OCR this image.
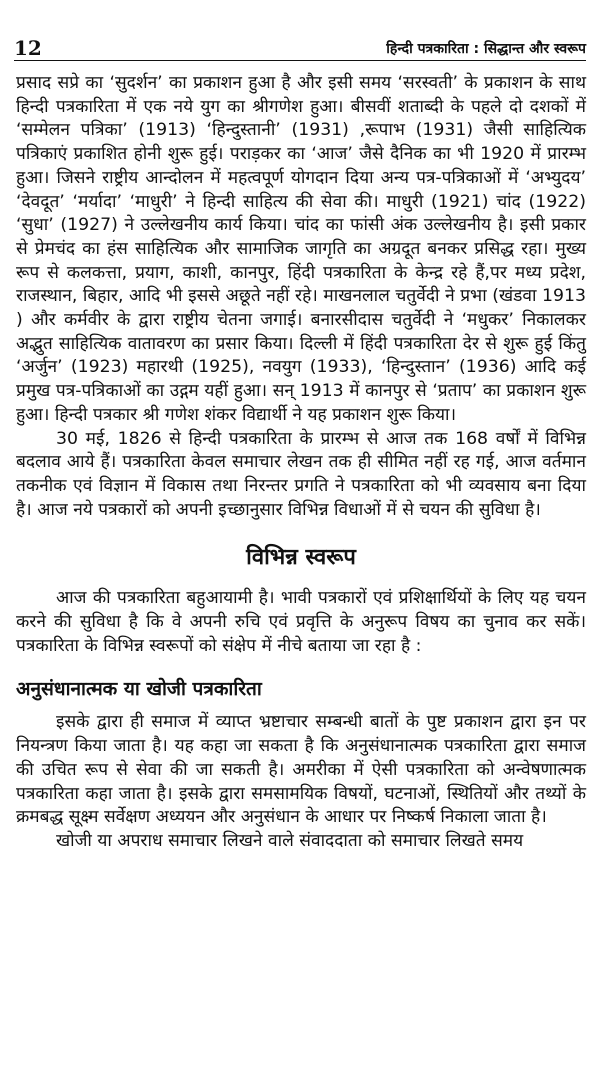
12	हिन्दी पत्रकारिता : सिद्धान्त और स्वरूप

प्रसाद सप्रे का ‘सुदर्शन’ का प्रकाशन हुआ है और इसी समय ‘सरस्वती’ के प्रकाशन के साथ हिन्दी पत्रकारिता में एक नये युग का श्रीगणेश हुआ। बीसवीं शताब्दी के पहले दो दशकों में ‘सम्मेलन पत्रिका’ (1913) ‘हिन्दुस्तानी’ (1931) ,रूपाभ (1931) जैसी साहित्यिक पत्रिकाएं प्रकाशित होनी शुरू हुई। पराड़कर का ‘आज’ जैसे दैनिक का भी 1920 में प्रारम्भ हुआ। जिसने राष्ट्रीय आन्दोलन में महत्वपूर्ण योगदान दिया अन्य पत्र-पत्रिकाओं में ‘अभ्युदय’ ‘देवदूत’ ‘मर्यादा’ ‘माधुरी’ ने हिन्दी साहित्य की सेवा की। माधुरी (1921) चांद (1922) ‘सुधा’ (1927) ने उल्लेखनीय कार्य किया। चांद का फांसी अंक उल्लेखनीय है। इसी प्रकार से प्रेमचंद का हंस साहित्यिक और सामाजिक जागृति का अग्रदूत बनकर प्रसिद्ध रहा। मुख्य रूप से कलकत्ता, प्रयाग, काशी, कानपुर, हिंदी पत्रकारिता के केन्द्र रहे हैं,पर मध्य प्रदेश, राजस्थान, बिहार, आदि भी इससे अछूते नहीं रहे। माखनलाल चतुर्वेदी ने प्रभा (खंडवा 1913 ) और कर्मवीर के द्वारा राष्ट्रीय चेतना जगाई। बनारसीदास चतुर्वेदी ने ‘मधुकर’ निकालकर अद्भुत साहित्यिक वातावरण का प्रसार किया। दिल्ली में हिंदी पत्रकारिता देर से शुरू हुई किंतु ‘अर्जुन’ (1923) महारथी (1925), नवयुग (1933), ‘हिन्दुस्तान’ (1936) आदि कई प्रमुख पत्र-पत्रिकाओं का उद्गम यहीं हुआ। सन् 1913 में कानपुर से ‘प्रताप’ का प्रकाशन शुरू हुआ। हिन्दी पत्रकार श्री गणेश शंकर विद्यार्थी ने यह प्रकाशन शुरू किया।

30 मई, 1826 से हिन्दी पत्रकारिता के प्रारम्भ से आज तक 168 वर्षों में विभिन्न बदलाव आये हैं। पत्रकारिता केवल समाचार लेखन तक ही सीमित नहीं रह गई, आज वर्तमान तकनीक एवं विज्ञान में विकास तथा निरन्तर प्रगति ने पत्रकारिता को भी व्यवसाय बना दिया है। आज नये पत्रकारों को अपनी इच्छानुसार विभिन्न विधाओं में से चयन की सुविधा है।

विभिन्न स्वरूप

आज की पत्रकारिता बहुआयामी है। भावी पत्रकारों एवं प्रशिक्षार्थियों के लिए यह चयन करने की सुविधा है कि वे अपनी रुचि एवं प्रवृत्ति के अनुरूप विषय का चुनाव कर सकें। पत्रकारिता के विभिन्न स्वरूपों को संक्षेप में नीचे बताया जा रहा है :

अनुसंधानात्मक या खोजी पत्रकारिता

इसके द्वारा ही समाज में व्याप्त भ्रष्टाचार सम्बन्धी बातों के पुष्ट प्रकाशन द्वारा इन पर नियन्त्रण किया जाता है। यह कहा जा सकता है कि अनुसंधानात्मक पत्रकारिता द्वारा समाज की उचित रूप से सेवा की जा सकती है। अमरीका में ऐसी पत्रकारिता को अन्वेषणात्मक पत्रकारिता कहा जाता है। इसके द्वारा समसामयिक विषयों, घटनाओं, स्थितियों और तथ्यों के क्रमबद्ध सूक्ष्म सर्वेक्षण अध्ययन और अनुसंधान के आधार पर निष्कर्ष निकाला जाता है।

खोजी या अपराध समाचार लिखने वाले संवाददाता को समाचार लिखते समय
